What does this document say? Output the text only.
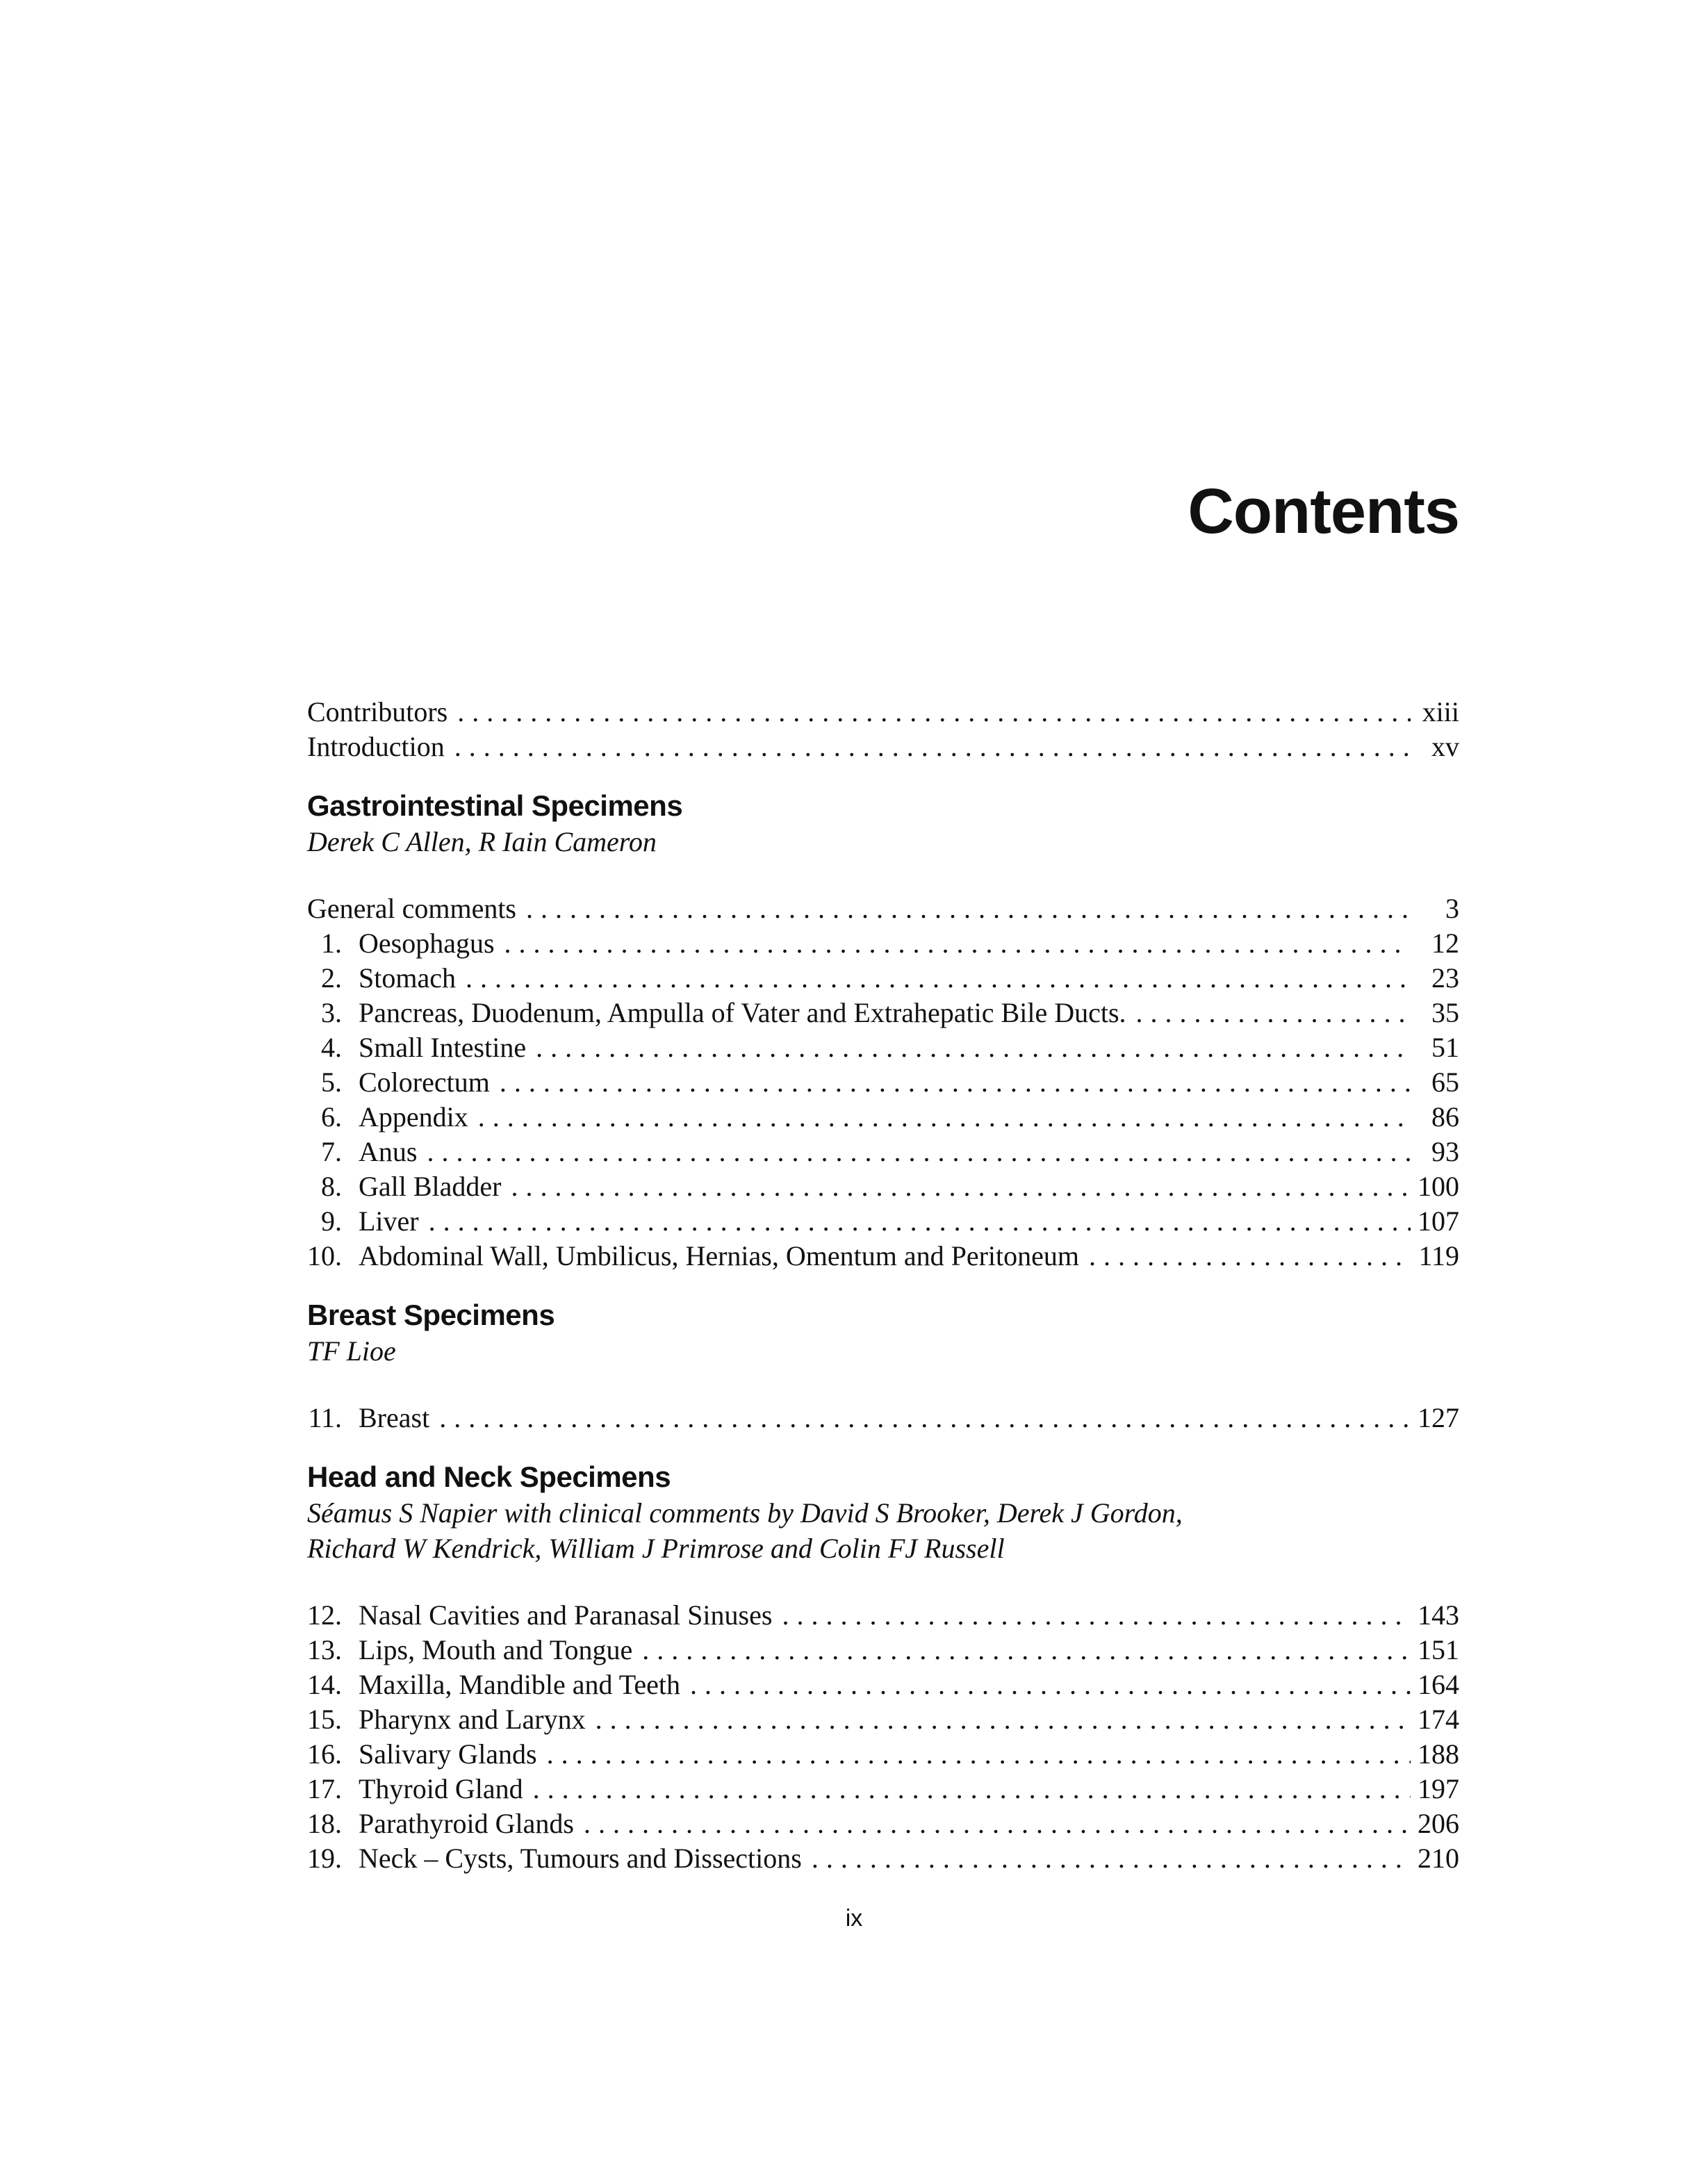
Contents
Contributors . . .	xiii
Introduction . . .	xv
Gastrointestinal Specimens

Derek C Allen, R Iain Cameron

General comments . . .	3
1. Oesophagus . . .	12
2. Stomach . . .	23
3. Pancreas, Duodenum, Ampulla of Vater and Extrahepatic Bile Ducts. . . .	35
4. Small Intestine . . .	51
5. Colorectum . . .	65
6. Appendix . . .	86
7. Anus . . .	93
8. Gall Bladder . . .	100
9. Liver . . .	107
10. Abdominal Wall, Umbilicus, Hernias, Omentum and Peritoneum . . .	119
Breast Specimens

TF Lioe

11. Breast . . .	127
Head and Neck Specimens

Séamus S Napier with clinical comments by David S Brooker, Derek J Gordon,

Richard W Kendrick, William J Primrose and Colin FJ Russell

12. Nasal Cavities and Paranasal Sinuses . . .	143
13. Lips, Mouth and Tongue . . .	151
14. Maxilla, Mandible and Teeth . . .	164
15. Pharynx and Larynx . . .	174
16. Salivary Glands . . .	188
17. Thyroid Gland . . .	197
18. Parathyroid Glands . . .	206
19. Neck – Cysts, Tumours and Dissections . . .	210
ix
